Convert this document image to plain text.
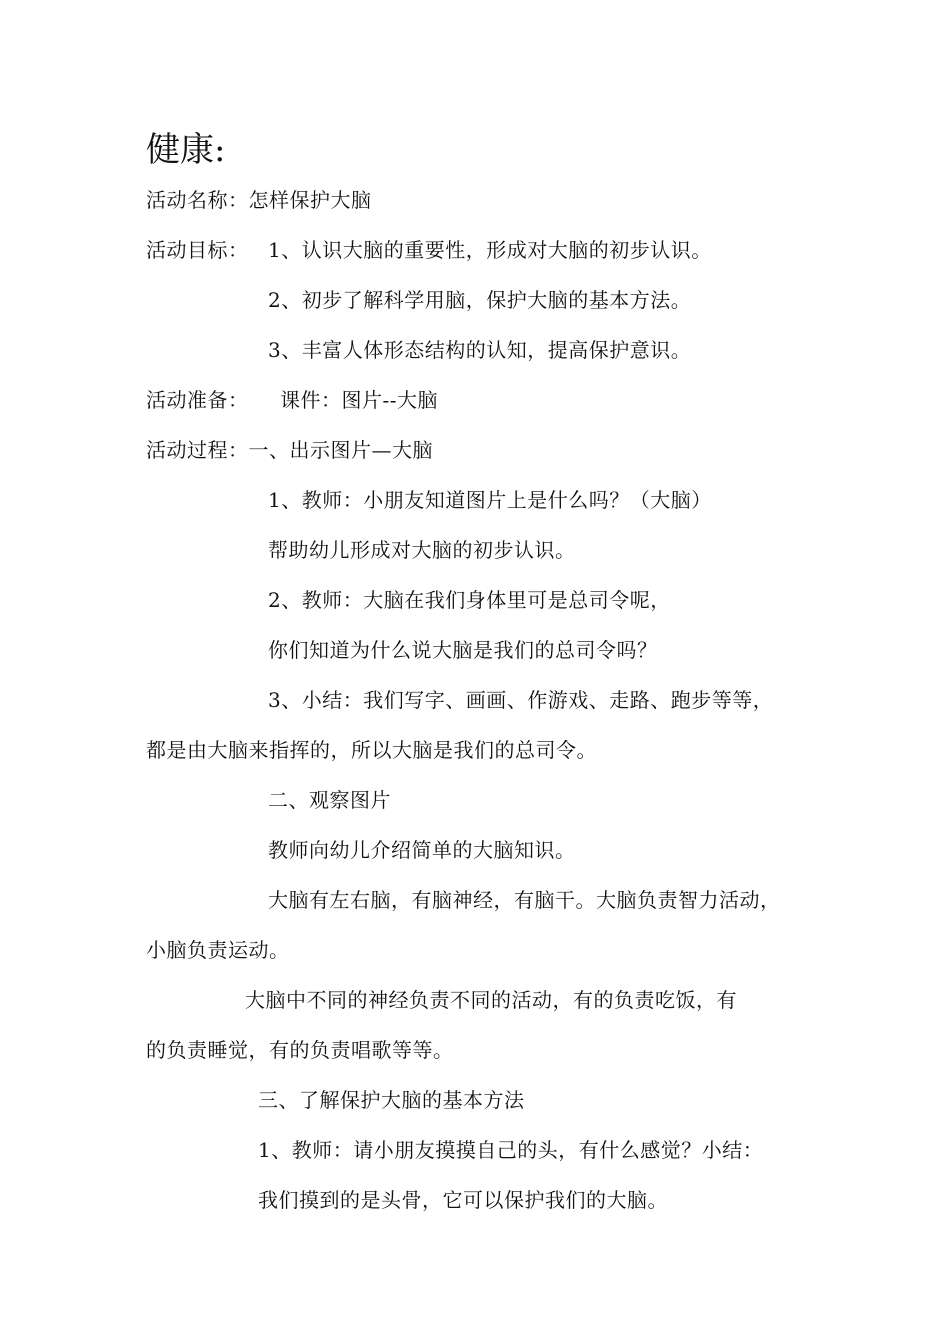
健康:
活动名称：怎样保护大脑
活动目标： 1、认识大脑的重要性，形成对大脑的初步认识。
2、初步了解科学用脑，保护大脑的基本方法。
3、丰富人体形态结构的认知，提高保护意识。
活动准备： 课件：图片--大脑
活动过程：一、出示图片—大脑
1、教师：小朋友知道图片上是什么吗？（大脑）
帮助幼儿形成对大脑的初步认识。
2、教师：大脑在我们身体里可是总司令呢，
你们知道为什么说大脑是我们的总司令吗？
3、小结：我们写字、画画、作游戏、走路、跑步等等，
都是由大脑来指挥的，所以大脑是我们的总司令。
二、观察图片
教师向幼儿介绍简单的大脑知识。
大脑有左右脑，有脑神经，有脑干。大脑负责智力活动，
小脑负责运动。
大脑中不同的神经负责不同的活动，有的负责吃饭，有
的负责睡觉，有的负责唱歌等等。
三、了解保护大脑的基本方法
1、教师：请小朋友摸摸自己的头，有什么感觉？小结：
我们摸到的是头骨，它可以保护我们的大脑。
